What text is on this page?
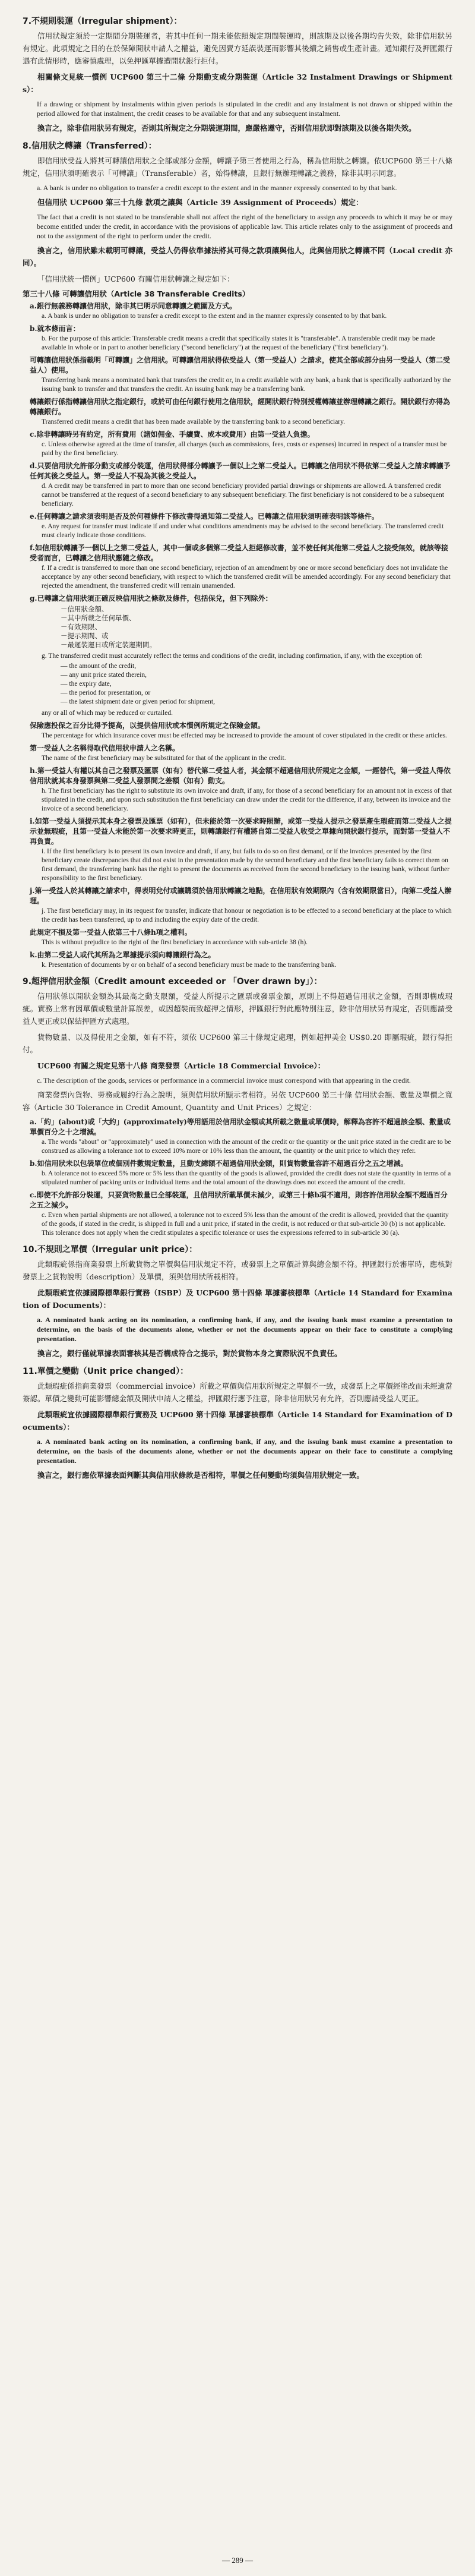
7.不規則裝運（Irregular shipment）：

信用狀規定須於一定期間分期裝運者，若其中任何一期未能依照規定期間裝運時，則該期及以後各期均告失效，除非信用狀另有規定。此項規定之目的在於保障開狀申請人之權益，避免因賣方延誤裝運而影響其後續之銷售或生產計畫。通知銀行及押匯銀行遇有此情形時，應審慎處理，以免押匯單據遭開狀銀行拒付。

相關條文見統一慣例 UCP600 第三十二條 分期動支或分期裝運（Article 32 Instalment Drawings or Shipments）：

If a drawing or shipment by instalments within given periods is stipulated in the credit and any instalment is not drawn or shipped within the period allowed for that instalment, the credit ceases to be available for that and any subsequent instalment.

換言之，除非信用狀另有規定，否則其所規定之分期裝運期間，應嚴格遵守，否則信用狀即對該期及以後各期失效。

8.信用狀之轉讓（Transferred）：

即信用狀受益人將其可轉讓信用狀之全部或部分金額，轉讓予第三者使用之行為，稱為信用狀之轉讓。依UCP600 第三十八條規定，信用狀須明確表示「可轉讓」（Transferable）者，始得轉讓，且銀行無辦理轉讓之義務，除非其明示同意。

a. A bank is under no obligation to transfer a credit except to the extent and in the manner expressly consented to by that bank.

但信用狀 UCP600 第三十九條 款項之讓與（Article 39 Assignment of Proceeds）規定：

The fact that a credit is not stated to be transferable shall not affect the right of the beneficiary to assign any proceeds to which it may be or may become entitled under the credit, in accordance with the provisions of applicable law. This article relates only to the assignment of proceeds and not to the assignment of the right to perform under the credit.

換言之，信用狀雖未載明可轉讓，受益人仍得依準據法將其可得之款項讓與他人，此與信用狀之轉讓不同（Local credit 亦同）。

「信用狀統一慣例」UCP600 有關信用狀轉讓之規定如下：

第三十八條 可轉讓信用狀（Article 38 Transferable Credits）

a.銀行無義務轉讓信用狀，除非其已明示同意轉讓之範圍及方式。

a. A bank is under no obligation to transfer a credit except to the extent and in the manner expressly consented to by that bank.

b.就本條而言：

b. For the purpose of this article: Transferable credit means a credit that specifically states it is "transferable". A transferable credit may be made available in whole or in part to another beneficiary ("second beneficiary") at the request of the beneficiary ("first beneficiary").

可轉讓信用狀係指載明「可轉讓」之信用狀。可轉讓信用狀得依受益人（第一受益人）之請求，使其全部或部分由另一受益人（第二受益人）使用。

Transferring bank means a nominated bank that transfers the credit or, in a credit available with any bank, a bank that is specifically authorized by the issuing bank to transfer and that transfers the credit. An issuing bank may be a transferring bank.

轉讓銀行係指轉讓信用狀之指定銀行，或於可由任何銀行使用之信用狀，經開狀銀行特別授權轉讓並辦理轉讓之銀行。開狀銀行亦得為轉讓銀行。

Transferred credit means a credit that has been made available by the transferring bank to a second beneficiary.

c.除非轉讓時另有約定，所有費用（諸如佣金、手續費、成本或費用）由第一受益人負擔。

c. Unless otherwise agreed at the time of transfer, all charges (such as commissions, fees, costs or expenses) incurred in respect of a transfer must be paid by the first beneficiary.

d.只要信用狀允許部分動支或部分裝運，信用狀得部分轉讓予一個以上之第二受益人。已轉讓之信用狀不得依第二受益人之請求轉讓予任何其後之受益人。第一受益人不視為其後之受益人。

d. A credit may be transferred in part to more than one second beneficiary provided partial drawings or shipments are allowed. A transferred credit cannot be transferred at the request of a second beneficiary to any subsequent beneficiary. The first beneficiary is not considered to be a subsequent beneficiary.

e.任何轉讓之請求須表明是否及於何種條件下修改書得通知第二受益人。已轉讓之信用狀須明確表明該等條件。

e. Any request for transfer must indicate if and under what conditions amendments may be advised to the second beneficiary. The transferred credit must clearly indicate those conditions.

f.如信用狀轉讓予一個以上之第二受益人，其中一個或多個第二受益人拒絕修改書，並不使任何其他第二受益人之接受無效，就該等接受者而言，已轉讓之信用狀應隨之修改。

f. If a credit is transferred to more than one second beneficiary, rejection of an amendment by one or more second beneficiary does not invalidate the acceptance by any other second beneficiary, with respect to which the transferred credit will be amended accordingly. For any second beneficiary that rejected the amendment, the transferred credit will remain unamended.

g.已轉讓之信用狀須正確反映信用狀之條款及條件，包括保兌，但下列除外：

－信用狀金額、

－其中所載之任何單價、

－有效期限、

－提示期間、或

－最遲裝運日或所定裝運期間。

g. The transferred credit must accurately reflect the terms and conditions of the credit, including confirmation, if any, with the exception of:

— the amount of the credit,

— any unit price stated therein,

— the expiry date,

— the period for presentation, or

— the latest shipment date or given period for shipment,

any or all of which may be reduced or curtailed.

保險應投保之百分比得予提高，以提供信用狀或本慣例所規定之保險金額。

The percentage for which insurance cover must be effected may be increased to provide the amount of cover stipulated in the credit or these articles.

第一受益人之名稱得取代信用狀申請人之名稱。

The name of the first beneficiary may be substituted for that of the applicant in the credit.

h.第一受益人有權以其自己之發票及匯票（如有）替代第二受益人者，其金額不超過信用狀所規定之金額，一經替代，第一受益人得依信用狀就其本身發票與第二受益人發票間之差額（如有）動支。

h. The first beneficiary has the right to substitute its own invoice and draft, if any, for those of a second beneficiary for an amount not in excess of that stipulated in the credit, and upon such substitution the first beneficiary can draw under the credit for the difference, if any, between its invoice and the invoice of a second beneficiary.

i.如第一受益人須提示其本身之發票及匯票（如有），但未能於第一次要求時照辦，或第一受益人提示之發票產生瑕疵而第二受益人之提示並無瑕疵，且第一受益人未能於第一次要求時更正，則轉讓銀行有權將自第二受益人收受之單據向開狀銀行提示，而對第一受益人不再負責。

i. If the first beneficiary is to present its own invoice and draft, if any, but fails to do so on first demand, or if the invoices presented by the first beneficiary create discrepancies that did not exist in the presentation made by the second beneficiary and the first beneficiary fails to correct them on first demand, the transferring bank has the right to present the documents as received from the second beneficiary to the issuing bank, without further responsibility to the first beneficiary.

j.第一受益人於其轉讓之請求中，得表明兌付或讓購須於信用狀轉讓之地點，在信用狀有效期限內（含有效期限當日），向第二受益人辦理。

j. The first beneficiary may, in its request for transfer, indicate that honour or negotiation is to be effected to a second beneficiary at the place to which the credit has been transferred, up to and including the expiry date of the credit.

此規定不損及第一受益人依第三十八條h項之權利。

This is without prejudice to the right of the first beneficiary in accordance with sub-article 38 (h).

k.由第二受益人或代其所為之單據提示須向轉讓銀行為之。

k. Presentation of documents by or on behalf of a second beneficiary must be made to the transferring bank.

9.超押信用狀金額（Credit amount exceeded or 「Over drawn by」）：

信用狀係以開狀金額為其最高之動支限額，受益人所提示之匯票或發票金額，原則上不得超過信用狀之金額，否則即構成瑕疵。實務上常有因單價或數量計算誤差，或因超裝而致超押之情形，押匯銀行對此應特別注意，除非信用狀另有規定，否則應請受益人更正或以保結押匯方式處理。

貨物數量、以及得使用之金額，如有不符，須依 UCP600 第三十條規定處理，例如超押美金 US$0.20 即屬瑕疵，銀行得拒付。

UCP600 有關之規定見第十八條 商業發票（Article 18 Commercial Invoice）：

c. The description of the goods, services or performance in a commercial invoice must correspond with that appearing in the credit.

商業發票內貨物、勞務或履約行為之說明，須與信用狀所顯示者相符。另依 UCP600 第三十條 信用狀金額、數量及單價之寬容（Article 30 Tolerance in Credit Amount, Quantity and Unit Prices）之規定：

a.「約」(about)或「大約」(approximately)等用語用於信用狀金額或其所載之數量或單價時，解釋為容許不超過該金額、數量或單價百分之十之增減。

a. The words "about" or "approximately" used in connection with the amount of the credit or the quantity or the unit price stated in the credit are to be construed as allowing a tolerance not to exceed 10% more or 10% less than the amount, the quantity or the unit price to which they refer.

b.如信用狀未以包裝單位或個別件數規定數量，且動支總額不超過信用狀金額，則貨物數量容許不超過百分之五之增減。

b. A tolerance not to exceed 5% more or 5% less than the quantity of the goods is allowed, provided the credit does not state the quantity in terms of a stipulated number of packing units or individual items and the total amount of the drawings does not exceed the amount of the credit.

c.即使不允許部分裝運，只要貨物數量已全部裝運，且信用狀所載單價未減少，或第三十條b項不適用，則容許信用狀金額不超過百分之五之減少。

c. Even when partial shipments are not allowed, a tolerance not to exceed 5% less than the amount of the credit is allowed, provided that the quantity of the goods, if stated in the credit, is shipped in full and a unit price, if stated in the credit, is not reduced or that sub-article 30 (b) is not applicable. This tolerance does not apply when the credit stipulates a specific tolerance or uses the expressions referred to in sub-article 30 (a).

10.不規則之單價（Irregular unit price）：

此類瑕疵係指商業發票上所載貨物之單價與信用狀規定不符，或發票上之單價計算與總金額不符。押匯銀行於審單時，應核對發票上之貨物說明（description）及單價，須與信用狀所載相符。

此類瑕疵宜依據國際標準銀行實務（ISBP）及 UCP600 第十四條 單據審核標準（Article 14 Standard for Examination of Documents）：

a. A nominated bank acting on its nomination, a confirming bank, if any, and the issuing bank must examine a presentation to determine, on the basis of the documents alone, whether or not the documents appear on their face to constitute a complying presentation.

換言之，銀行僅就單據表面審核其是否構成符合之提示，對於貨物本身之實際狀況不負責任。

11.單價之變動（Unit price changed）：

此類瑕疵係指商業發票（commercial invoice）所載之單價與信用狀所規定之單價不一致，或發票上之單價經塗改而未經適當簽認。單價之變動可能影響總金額及開狀申請人之權益，押匯銀行應予注意，除非信用狀另有允許，否則應請受益人更正。

此類瑕疵宜依據國際標準銀行實務及 UCP600 第十四條 單據審核標準（Article 14 Standard for Examination of Documents）：

a. A nominated bank acting on its nomination, a confirming bank, if any, and the issuing bank must examine a presentation to determine, on the basis of the documents alone, whether or not the documents appear on their face to constitute a complying presentation.

換言之，銀行應依單據表面判斷其與信用狀條款是否相符，單價之任何變動均須與信用狀規定一致。

— 289 —
